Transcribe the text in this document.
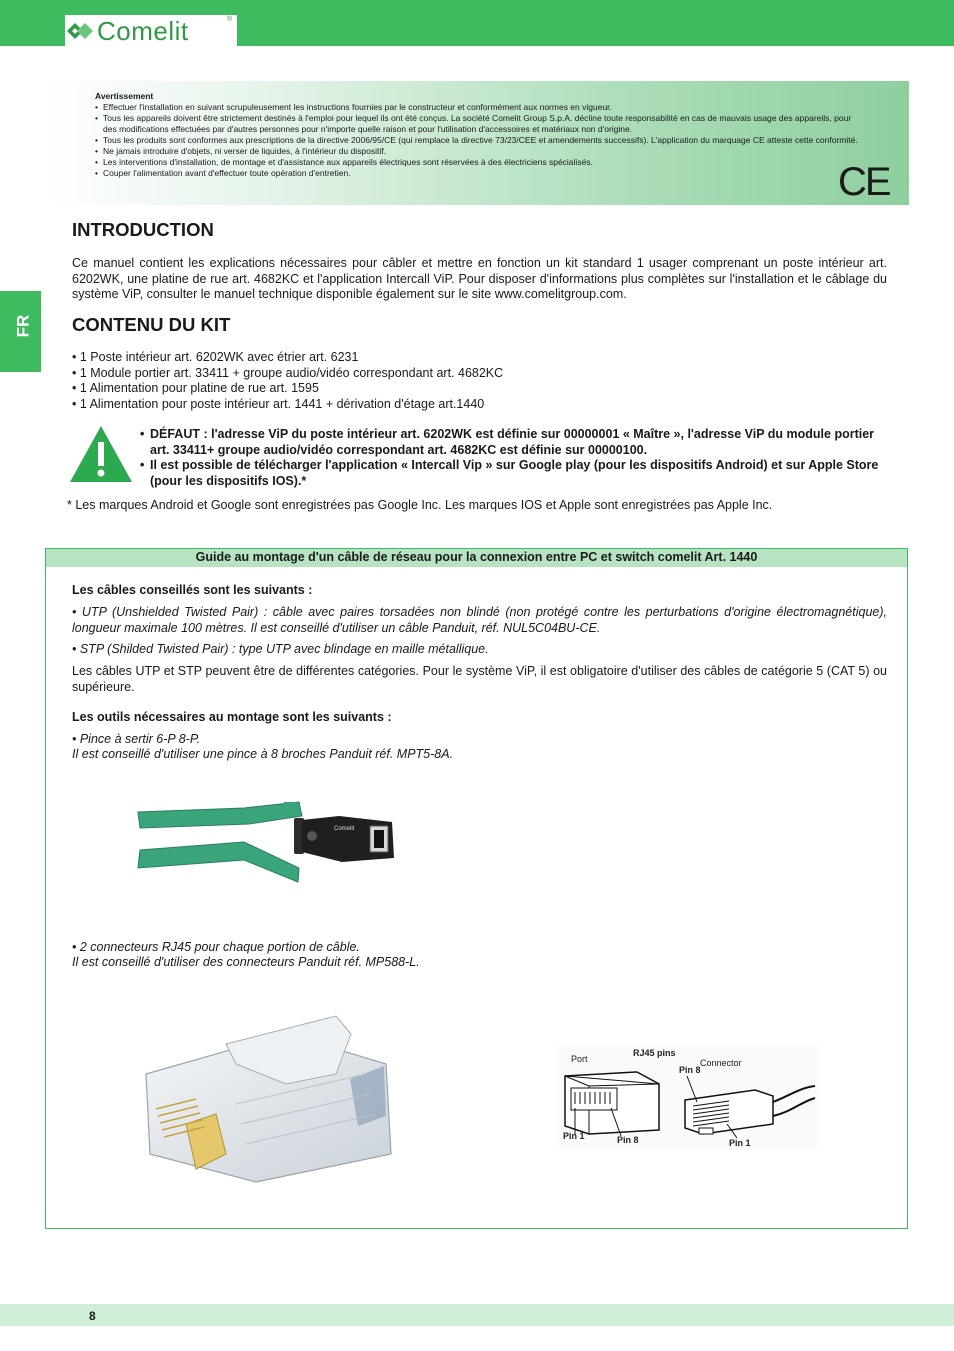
Comelit	®
Avertissement
• Effectuer l'installation en suivant scrupuleusement les instructions fournies par le constructeur et conformément aux normes en vigueur.
• Tous les appareils doivent être strictement destinés à l'emploi pour lequel ils ont été conçus. La société Comelit Group S.p.A. décline toute responsabilité en cas de mauvais usage des appareils, pour des modifications effectuées par d'autres personnes pour n'importe quelle raison et pour l'utilisation d'accessoires et matériaux non d'origine.
• Tous les produits sont conformes aux prescriptions de la directive 2006/95/CE (qui remplace la directive 73/23/CEE et amendements successifs). L'application du marquage CE atteste cette conformité.
• Ne jamais introduire d'objets, ni verser de liquides, à l'intérieur du dispositif.
• Les interventions d'installation, de montage et d'assistance aux appareils électriques sont réservées à des électriciens spécialisés.
• Couper l'alimentation avant d'effectuer toute opération d'entretien.	CE
FR
INTRODUCTION
Ce manuel contient les explications nécessaires pour câbler et mettre en fonction un kit standard 1 usager comprenant un poste intérieur art. 6202WK, une platine de rue art. 4682KC et l'application Intercall ViP. Pour disposer d'informations plus complètes sur l'installation et le câblage du système ViP, consulter le manuel technique disponible également sur le site www.comelitgroup.com.
CONTENU DU KIT
• 1 Poste intérieur art. 6202WK avec étrier art. 6231
• 1 Module portier art. 33411 + groupe audio/vidéo correspondant art. 4682KC
• 1 Alimentation pour platine de rue art. 1595
• 1 Alimentation pour poste intérieur art. 1441 + dérivation d'étage art.1440
• DÉFAUT : l'adresse ViP du poste intérieur art. 6202WK est définie sur 00000001 « Maître », l'adresse ViP du module portier art. 33411+ groupe audio/vidéo correspondant art. 4682KC est définie sur 00000100.
• Il est possible de télécharger l'application « Intercall Vip » sur Google play (pour les dispositifs Android) et sur Apple Store (pour les dispositifs IOS).*
* Les marques Android et Google sont enregistrées pas Google Inc. Les marques IOS et Apple sont enregistrées pas Apple Inc.
Guide au montage d'un câble de réseau pour la connexion entre PC et switch comelit Art. 1440
Les câbles conseillés sont les suivants :
• UTP (Unshielded Twisted Pair) : câble avec paires torsadées non blindé (non protégé contre les perturbations d'origine électromagnétique), longueur maximale 100 mètres. Il est conseillé d'utiliser un câble Panduit, réf. NUL5C04BU-CE.
• STP (Shilded Twisted Pair) : type UTP avec blindage en maille métallique.
Les câbles UTP et STP peuvent être de différentes catégories. Pour le système ViP, il est obligatoire d'utiliser des câbles de catégorie 5 (CAT 5) ou supérieure.
Les outils nécessaires au montage sont les suivants :
• Pince à sertir 6-P 8-P.
Il est conseillé d'utiliser une pince à 8 broches Panduit réf. MPT5-8A.
Comelit
• 2 connecteurs RJ45 pour chaque portion de câble.
Il est conseillé d'utiliser des connecteurs Panduit réf. MP588-L.
RJ45 pins
Port	Connector
Pin 8
Pin 1	Pin 8	Pin 1
8
